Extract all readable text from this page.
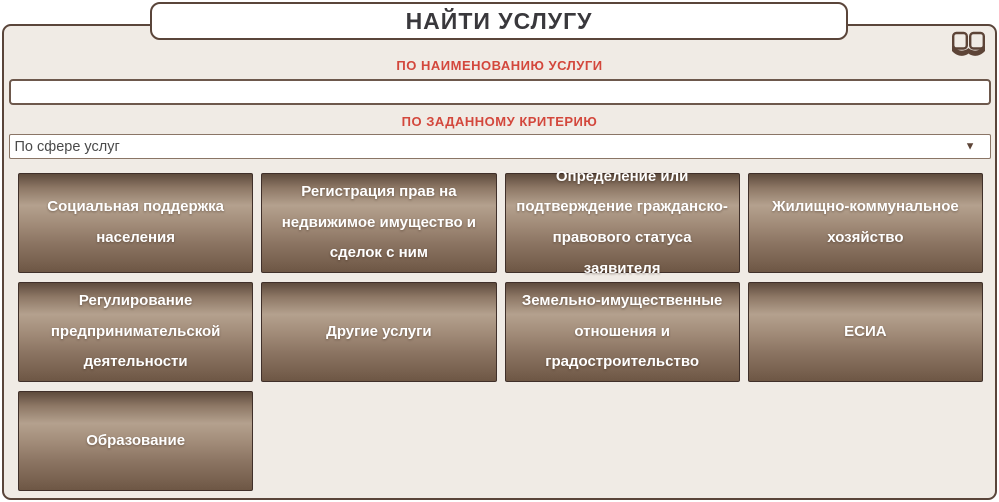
НАЙТИ УСЛУГУ
ПО НАИМЕНОВАНИЮ УСЛУГИ
ПО ЗАДАННОМУ КРИТЕРИЮ
По сфере услуг	▼
Социальная поддержка населения
Регистрация прав на недвижимое имущество и сделок с ним
Определение или подтверждение гражданско-правового статуса заявителя
Жилищно-коммунальное хозяйство
Регулирование предпринимательской деятельности
Другие услуги
Земельно-имущественные отношения и градостроительство
ЕСИА
Образование
